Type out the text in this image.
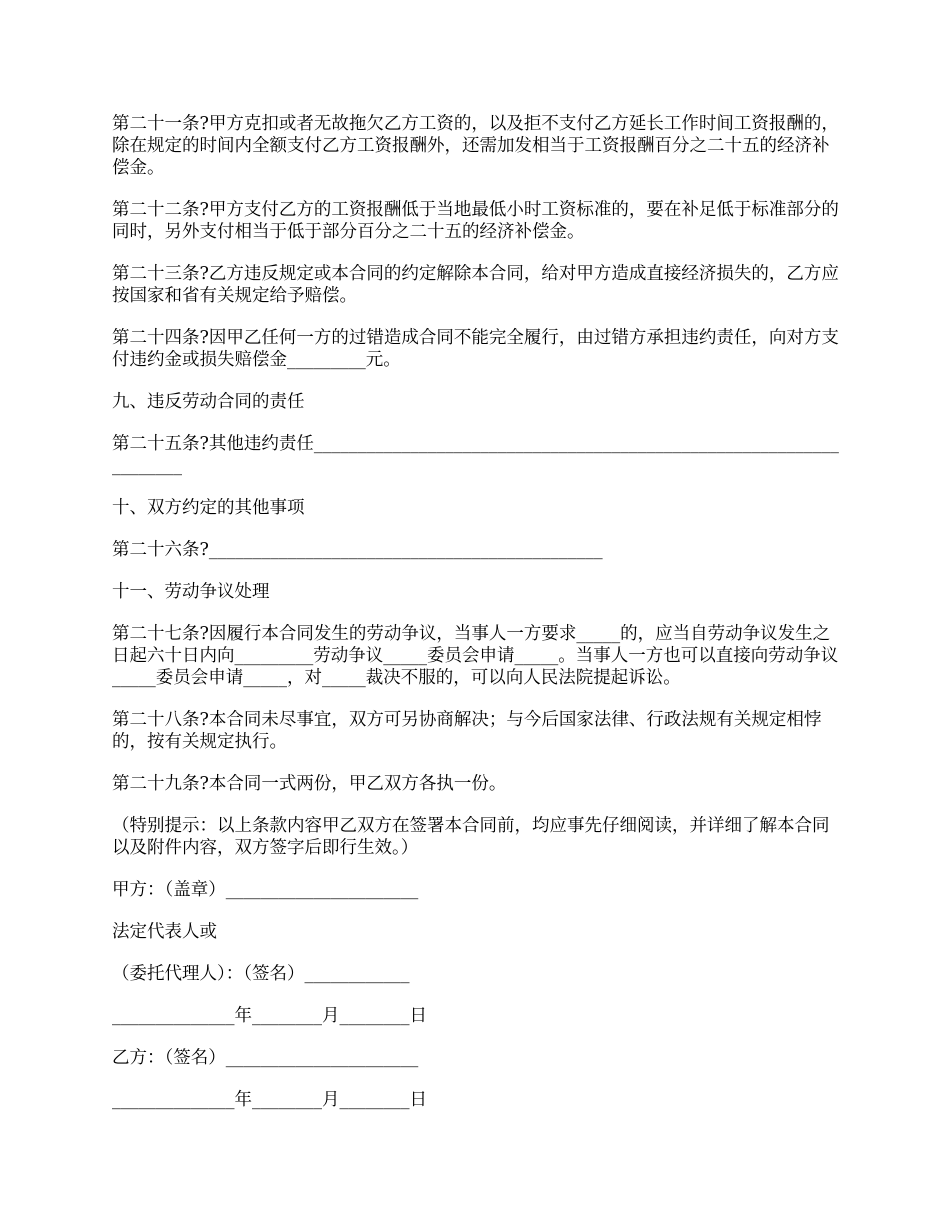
第二十一条?甲方克扣或者无故拖欠乙方工资的，以及拒不支付乙方延长工作时间工资报酬的，除在规定的时间内全额支付乙方工资报酬外，还需加发相当于工资报酬百分之二十五的经济补偿金。

第二十二条?甲方支付乙方的工资报酬低于当地最低小时工资标准的，要在补足低于标准部分的同时，另外支付相当于低于部分百分之二十五的经济补偿金。

第二十三条?乙方违反规定或本合同的约定解除本合同，给对甲方造成直接经济损失的，乙方应按国家和省有关规定给予赔偿。

第二十四条?因甲乙任何一方的过错造成合同不能完全履行，由过错方承担违约责任，向对方支付违约金或损失赔偿金_________元。

九、违反劳动合同的责任

第二十五条?其他违约责任____________________________________________________________________

十、双方约定的其他事项

第二十六条?_____________________________________________

十一、劳动争议处理

第二十七条?因履行本合同发生的劳动争议，当事人一方要求_____的，应当自劳动争议发生之日起六十日内向_________劳动争议_____委员会申请_____。当事人一方也可以直接向劳动争议_____委员会申请_____，对_____裁决不服的，可以向人民法院提起诉讼。

第二十八条?本合同未尽事宜，双方可另协商解决；与今后国家法律、行政法规有关规定相悖的，按有关规定执行。

第二十九条?本合同一式两份，甲乙双方各执一份。

（特别提示：以上条款内容甲乙双方在签署本合同前，均应事先仔细阅读，并详细了解本合同以及附件内容，双方签字后即行生效。）

甲方：（盖章）______________________

法定代表人或

（委托代理人）：（签名）____________

______________年________月________日

乙方：（签名）______________________

______________年________月________日
